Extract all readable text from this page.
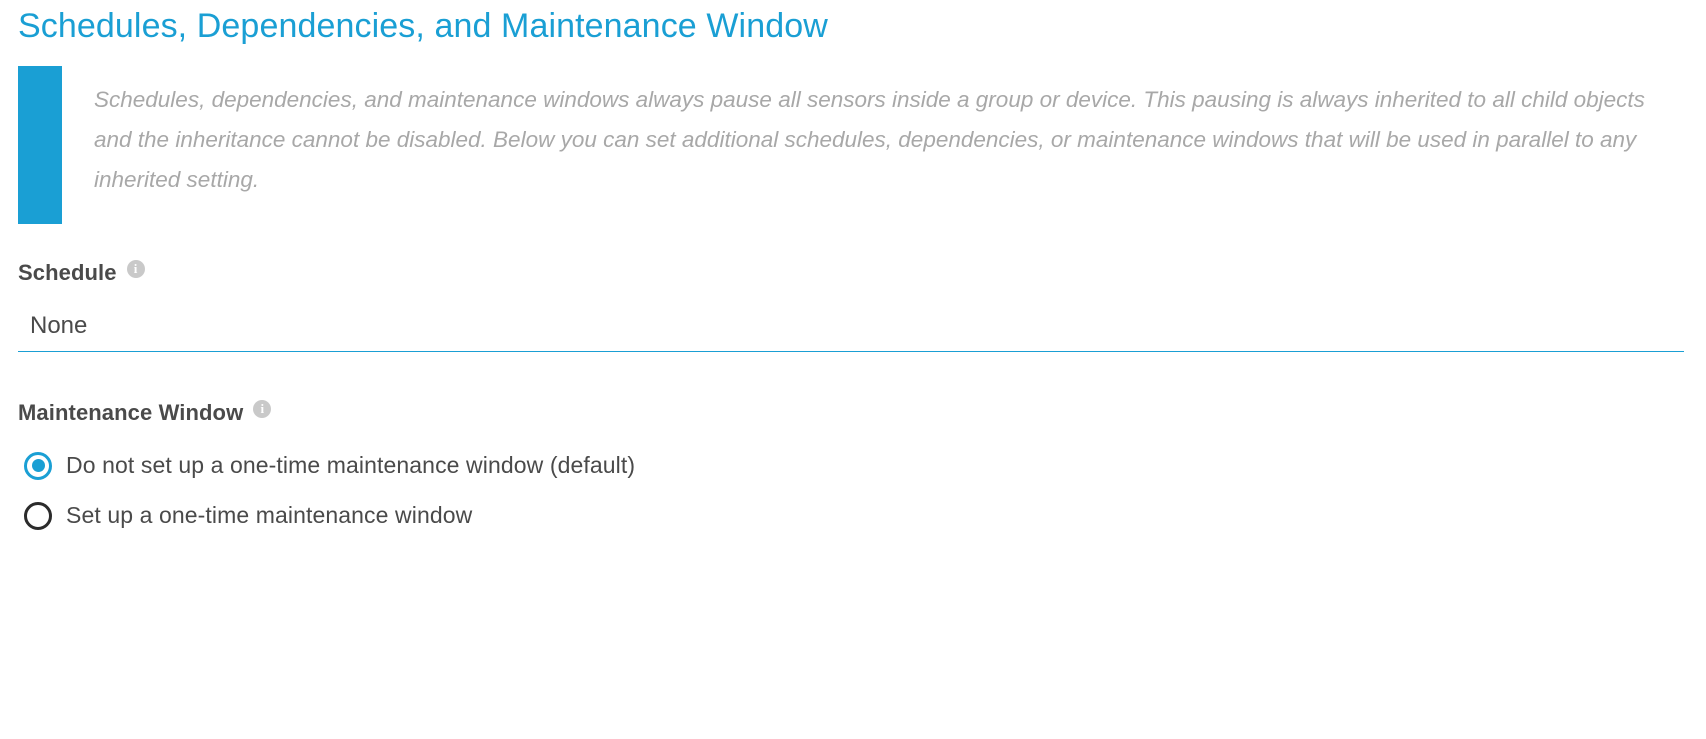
Schedules, Dependencies, and Maintenance Window
Schedules, dependencies, and maintenance windows always pause all sensors inside a group or device. This pausing is always inherited to all child objects and the inheritance cannot be disabled. Below you can set additional schedules, dependencies, or maintenance windows that will be used in parallel to any inherited setting.
Schedule	i
None
Maintenance Window	i
Do not set up a one-time maintenance window (default)
Set up a one-time maintenance window
